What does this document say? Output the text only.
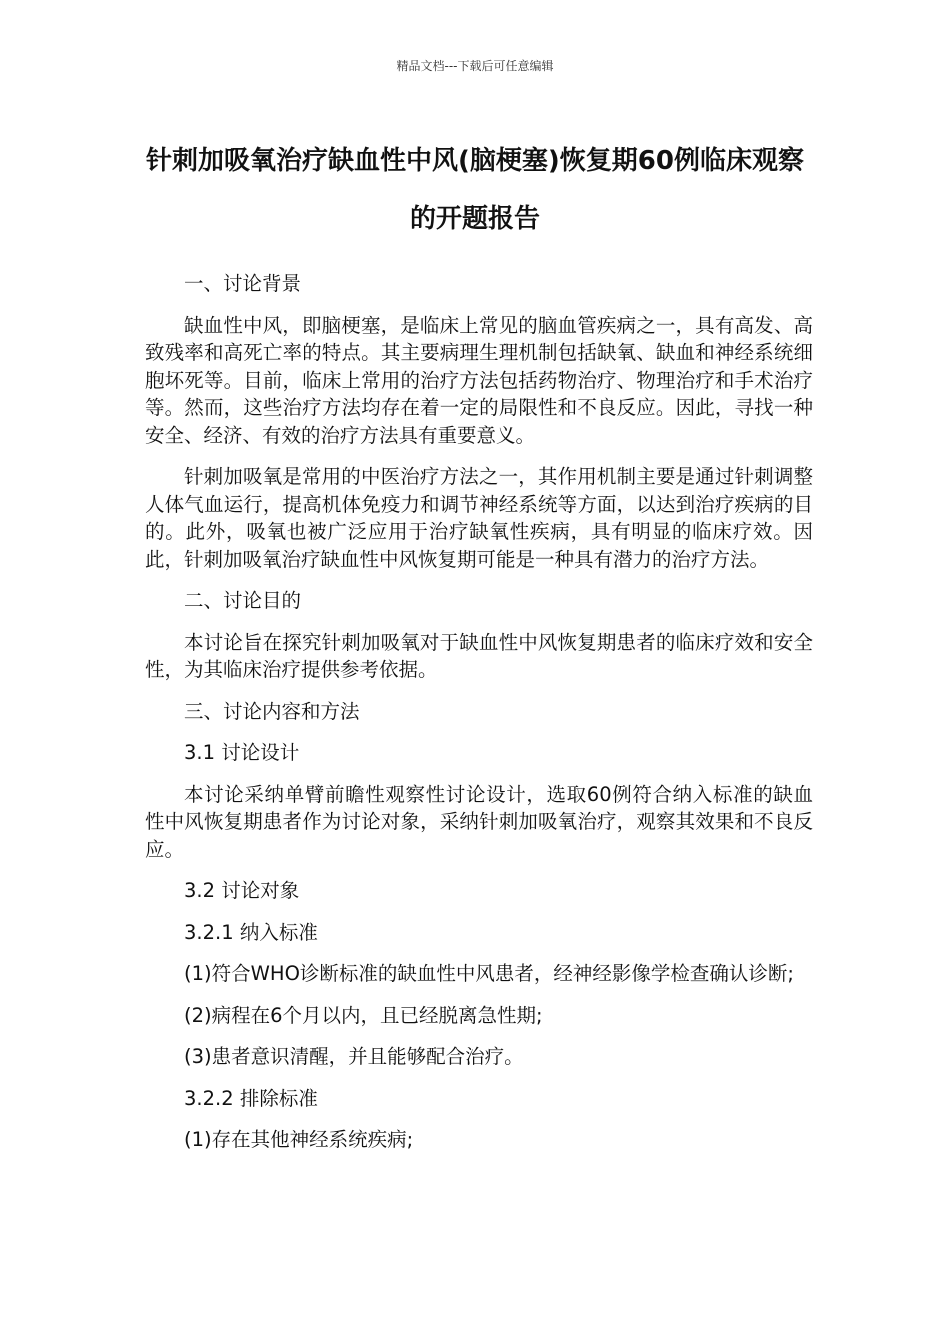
精品文档---下载后可任意编辑
针刺加吸氧治疗缺血性中风(脑梗塞)恢复期60例临床观察的开题报告

一、讨论背景

缺血性中风，即脑梗塞，是临床上常见的脑血管疾病之一，具有高发、高致残率和高死亡率的特点。其主要病理生理机制包括缺氧、缺血和神经系统细胞坏死等。目前，临床上常用的治疗方法包括药物治疗、物理治疗和手术治疗等。然而，这些治疗方法均存在着一定的局限性和不良反应。因此，寻找一种安全、经济、有效的治疗方法具有重要意义。

针刺加吸氧是常用的中医治疗方法之一，其作用机制主要是通过针刺调整人体气血运行，提高机体免疫力和调节神经系统等方面，以达到治疗疾病的目的。此外，吸氧也被广泛应用于治疗缺氧性疾病，具有明显的临床疗效。因此，针刺加吸氧治疗缺血性中风恢复期可能是一种具有潜力的治疗方法。

二、讨论目的

本讨论旨在探究针刺加吸氧对于缺血性中风恢复期患者的临床疗效和安全性，为其临床治疗提供参考依据。

三、讨论内容和方法

3.1 讨论设计

本讨论采纳单臂前瞻性观察性讨论设计，选取60例符合纳入标准的缺血性中风恢复期患者作为讨论对象，采纳针刺加吸氧治疗，观察其效果和不良反应。

3.2 讨论对象

3.2.1 纳入标准

(1)符合WHO诊断标准的缺血性中风患者，经神经影像学检查确认诊断;

(2)病程在6个月以内，且已经脱离急性期;

(3)患者意识清醒，并且能够配合治疗。

3.2.2 排除标准

(1)存在其他神经系统疾病;
